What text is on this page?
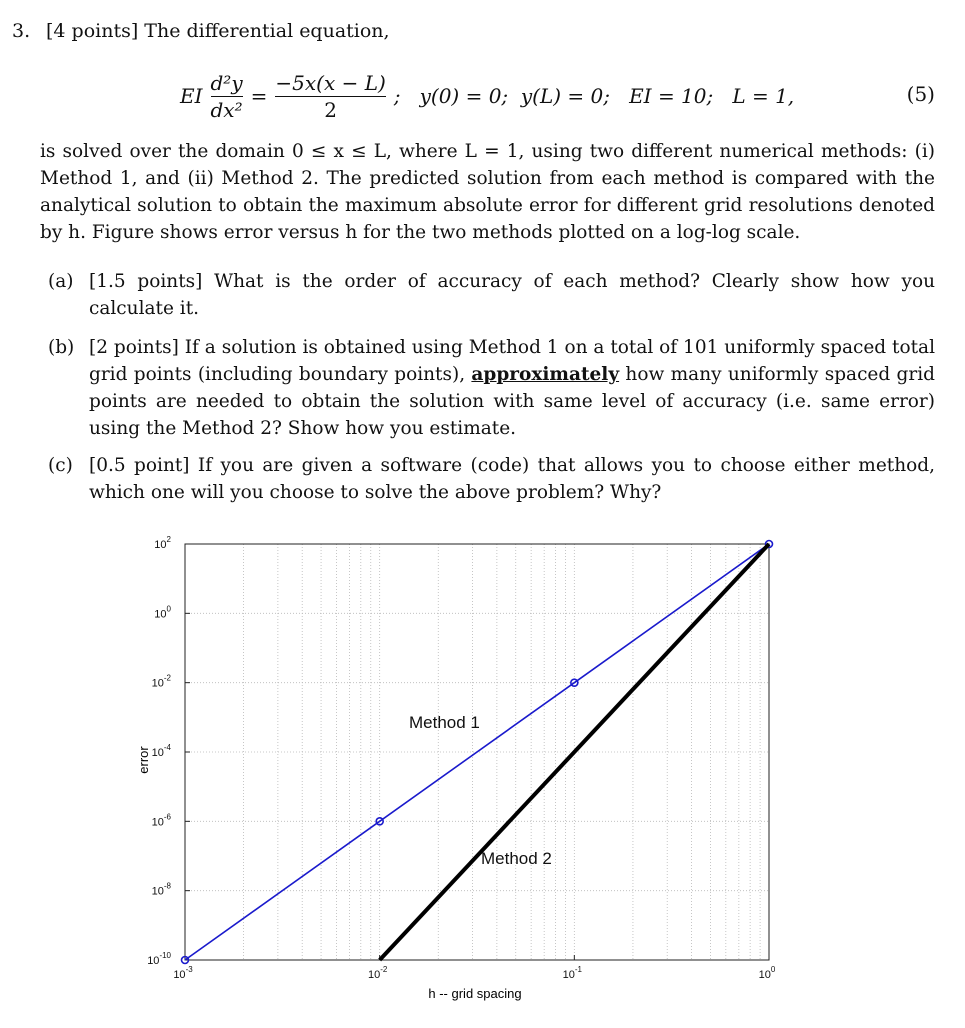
3. [4 points] The differential equation,
EI $\frac{\text{d²y}}{\text{dx²}} = \frac{-5x(x - L)}{2}$ ;   y(0) = 0;  y(L) = 0;   EI = 10;   L = 1,	(5)
is solved over the domain 0 ≤ x ≤ L, where L = 1, using two different numerical methods: (i) Method 1, and (ii) Method 2. The predicted solution from each method is compared with the analytical solution to obtain the maximum absolute error for different grid resolutions denoted by h. Figure shows error versus h for the two methods plotted on a log-log scale.
(a) [1.5 points] What is the order of accuracy of each method? Clearly show how you calculate it.
(b) [2 points] If a solution is obtained using Method 1 on a total of 101 uniformly spaced total grid points (including boundary points), approximately how many uniformly spaced grid points are needed to obtain the solution with same level of accuracy (i.e. same error) using the Method 2? Show how you estimate.
(c) [0.5 point] If you are given a software (code) that allows you to choose either method, which one will you choose to solve the above problem? Why?
$10^{-3}$	$10^{-2}$	$10^{-1}$	$10^0$
$10^{-10}$
$10^{-8}$
$10^{-6}$
$10^{-4}$
$10^{-2}$
$10^0$
$10^2$
Method 1
Method 2
h -- grid spacing
error
